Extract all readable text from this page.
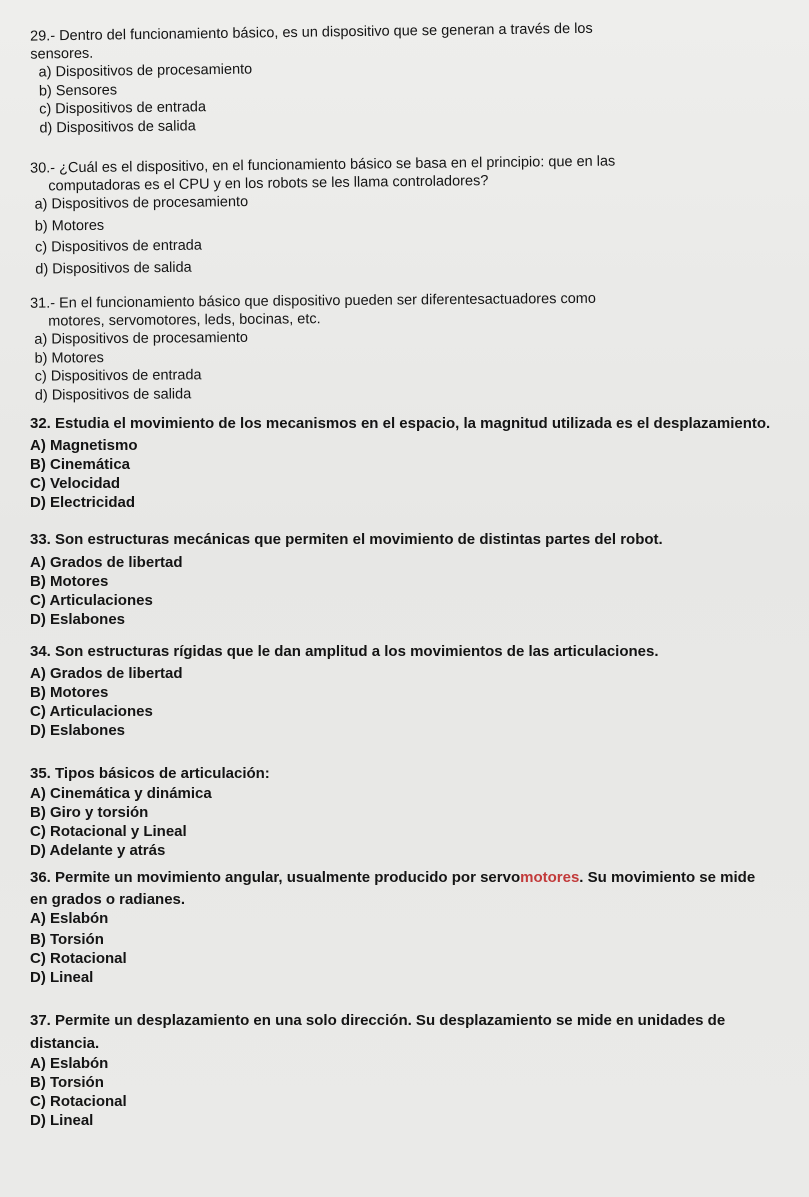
29.- Dentro del funcionamiento básico, es un dispositivo que se generan a través de los
sensores.
a) Dispositivos de procesamiento
b) Sensores
c) Dispositivos de entrada
d) Dispositivos de salida
30.- ¿Cuál es el dispositivo, en el funcionamiento básico se basa en el principio: que en las
computadoras es el CPU y en los robots se les llama controladores?
a) Dispositivos de procesamiento
b) Motores
c) Dispositivos de entrada
d) Dispositivos de salida
31.- En el funcionamiento básico que dispositivo pueden ser diferentesactuadores como
motores, servomotores, leds, bocinas, etc.
a) Dispositivos de procesamiento
b) Motores
c) Dispositivos de entrada
d) Dispositivos de salida
32. Estudia el movimiento de los mecanismos en el espacio, la magnitud utilizada es el desplazamiento.
A) Magnetismo
B) Cinemática
C) Velocidad
D) Electricidad
33. Son estructuras mecánicas que permiten el movimiento de distintas partes del robot.
A) Grados de libertad
B) Motores
C) Articulaciones
D) Eslabones
34. Son estructuras rígidas que le dan amplitud a los movimientos de las articulaciones.
A) Grados de libertad
B) Motores
C) Articulaciones
D) Eslabones
35. Tipos básicos de articulación:
A) Cinemática y dinámica
B) Giro y torsión
C) Rotacional y Lineal
D) Adelante y atrás
36. Permite un movimiento angular, usualmente producido por servomotores. Su movimiento se mide
en grados o radianes.
A) Eslabón
B) Torsión
C) Rotacional
D) Lineal
37. Permite un desplazamiento en una solo dirección. Su desplazamiento se mide en unidades de
distancia.
A) Eslabón
B) Torsión
C) Rotacional
D) Lineal
